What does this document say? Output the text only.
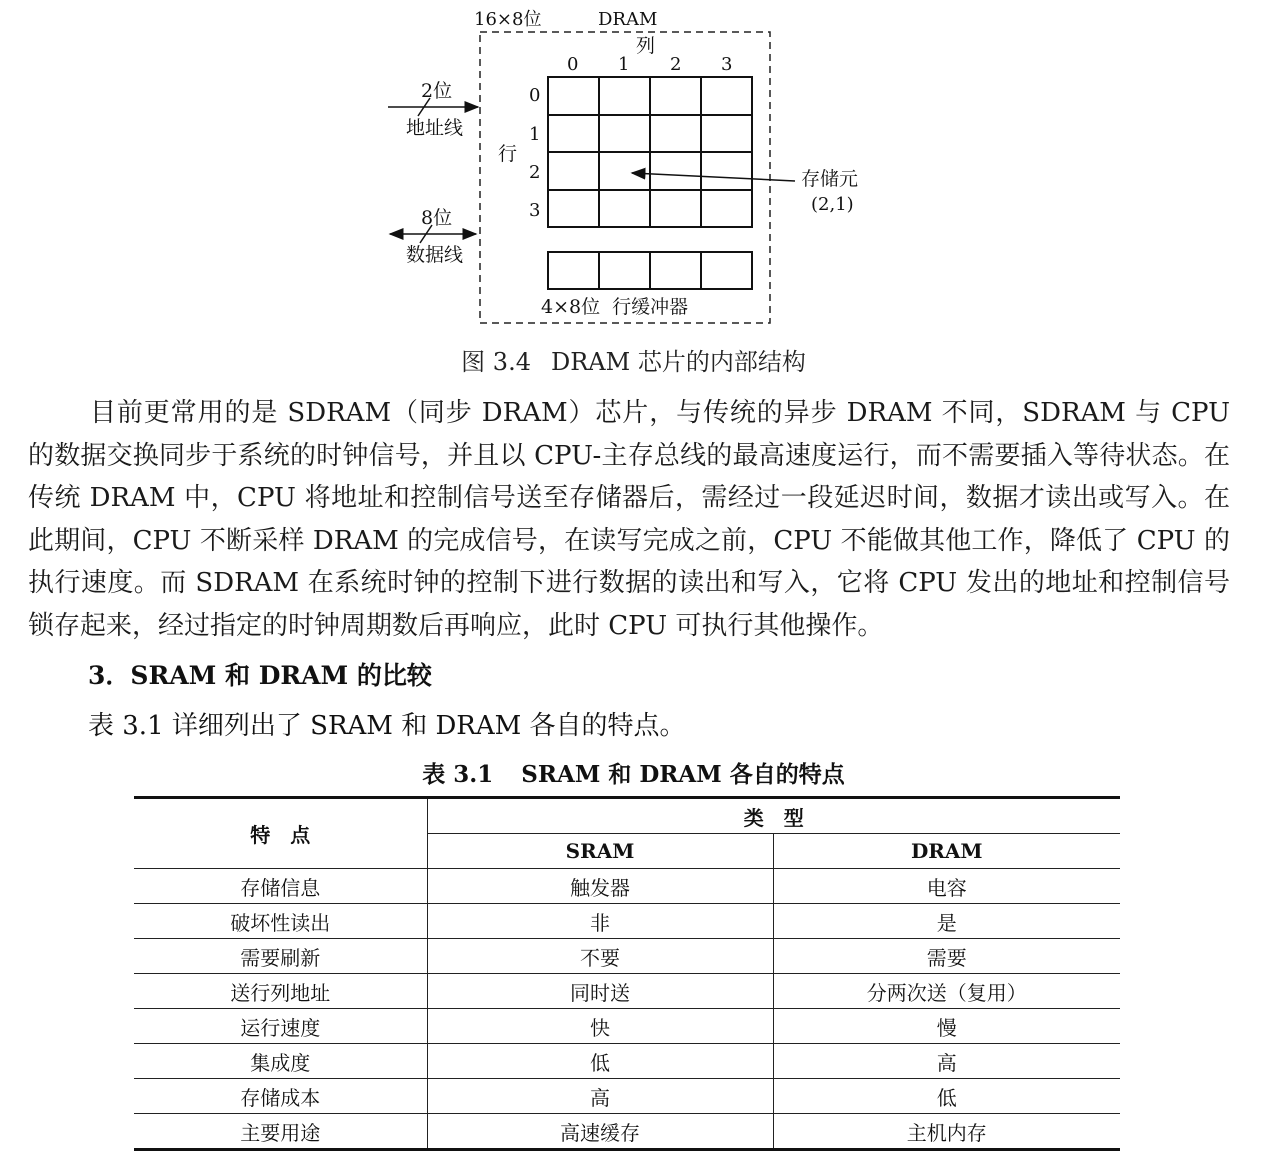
16×8位	DRAM
列
0 1 2 3
0
1
2
3
行
4×8位  行缓冲器
2位
地址线
8位
数据线
存储元
(2,1)
图 3.4 DRAM 芯片的内部结构

目前更常用的是 SDRAM（同步 DRAM）芯片，与传统的异步 DRAM 不同，SDRAM 与 CPU 的数据交换同步于系统的时钟信号，并且以 CPU-主存总线的最高速度运行，而不需要插入等待状态。在传统 DRAM 中，CPU 将地址和控制信号送至存储器后，需经过一段延迟时间，数据才读出或写入。在此期间，CPU 不断采样 DRAM 的完成信号，在读写完成之前，CPU 不能做其他工作，降低了 CPU 的执行速度。而 SDRAM 在系统时钟的控制下进行数据的读出和写入，它将 CPU 发出的地址和控制信号锁存起来，经过指定的时钟周期数后再响应，此时 CPU 可执行其他操作。

3．SRAM 和 DRAM 的比较

表 3.1 详细列出了 SRAM 和 DRAM 各自的特点。

表 3.1 SRAM 和 DRAM 各自的特点
特　点	类　型	
	SRAM	DRAM
存储信息	触发器	电容
破坏性读出	非	是
需要刷新	不要	需要
送行列地址	同时送	分两次送（复用）
运行速度	快	慢
集成度	低	高
存储成本	高	低
主要用途	高速缓存	主机内存
